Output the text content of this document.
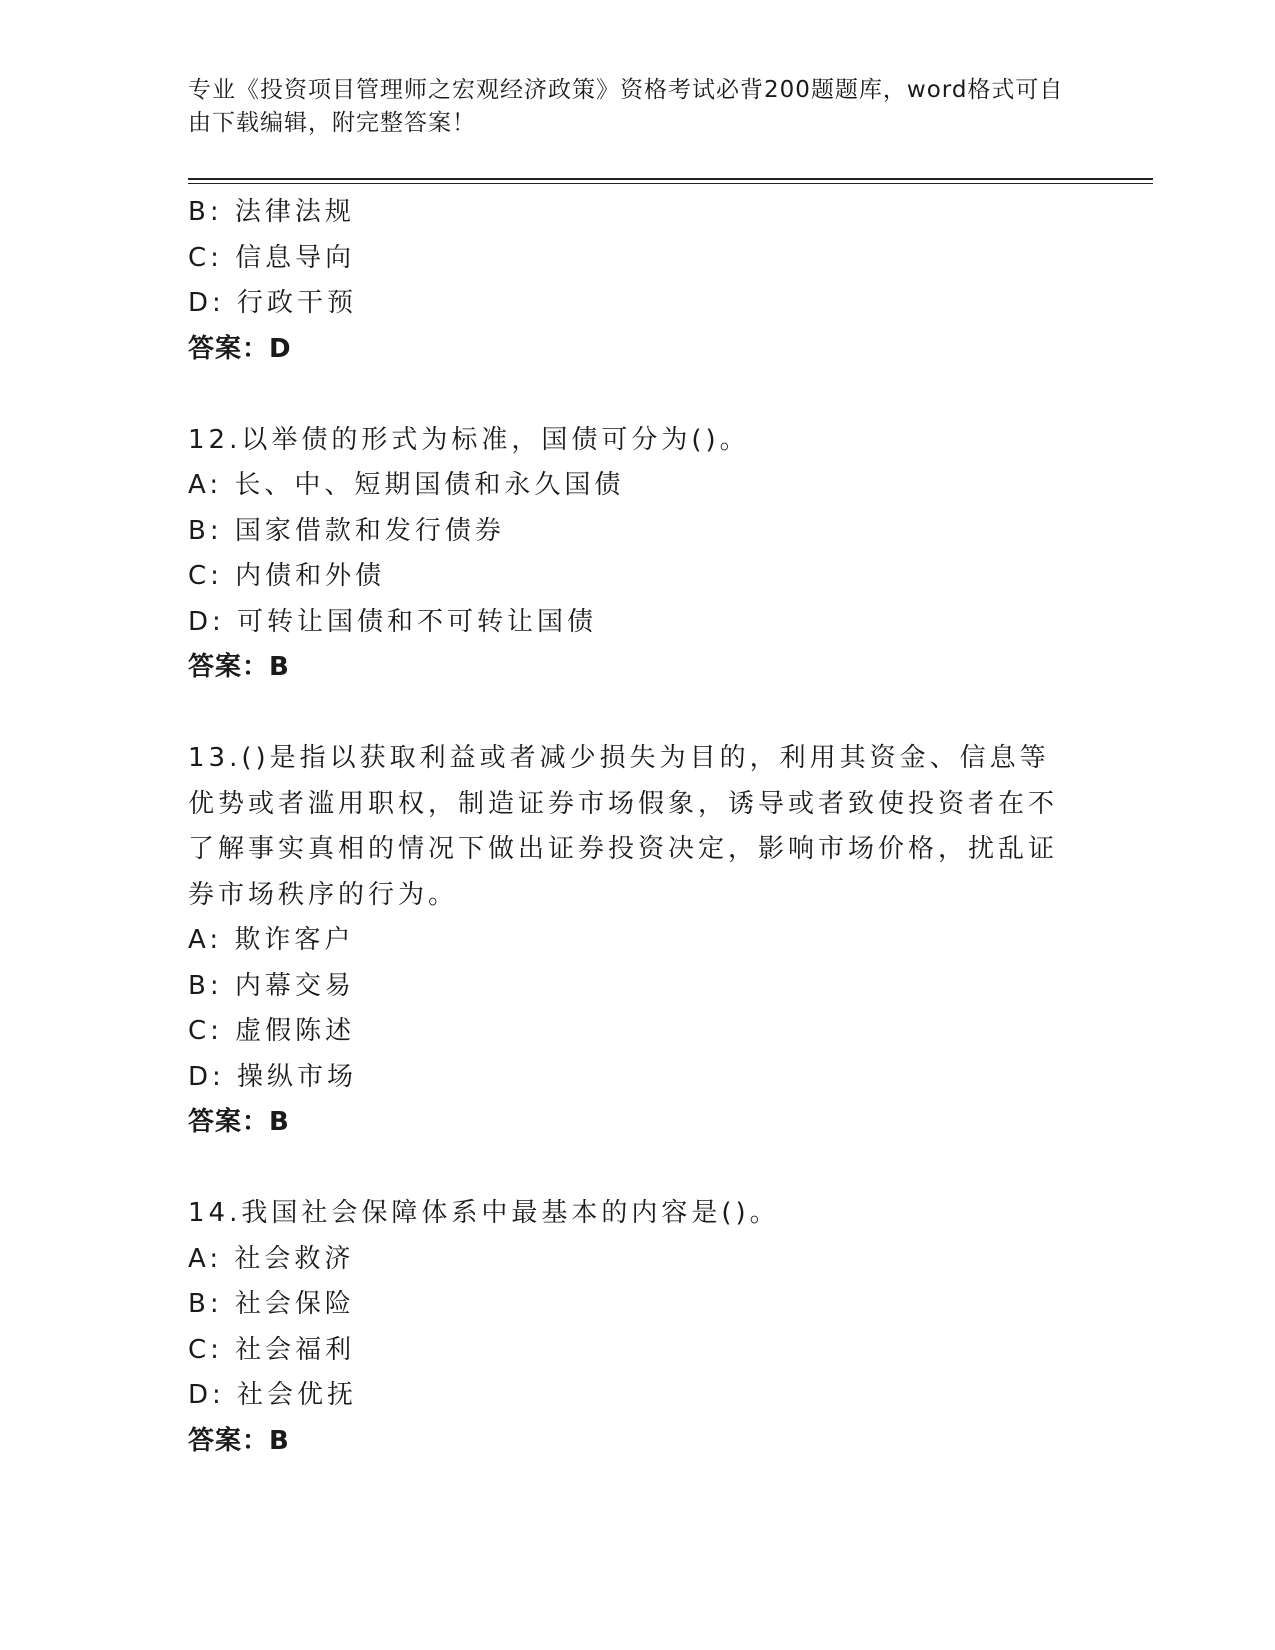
专业《投资项目管理师之宏观经济政策》资格考试必背200题题库，word格式可自由下载编辑，附完整答案！
B: 法律法规
C: 信息导向
D: 行政干预
答案：D
12.以举债的形式为标准，国债可分为()。
A: 长、中、短期国债和永久国债
B: 国家借款和发行债券
C: 内债和外债
D: 可转让国债和不可转让国债
答案：B
13.()是指以获取利益或者减少损失为目的，利用其资金、信息等优势或者滥用职权，制造证券市场假象，诱导或者致使投资者在不了解事实真相的情况下做出证券投资决定，影响市场价格，扰乱证券市场秩序的行为。
A: 欺诈客户
B: 内幕交易
C: 虚假陈述
D: 操纵市场
答案：B
14.我国社会保障体系中最基本的内容是()。
A: 社会救济
B: 社会保险
C: 社会福利
D: 社会优抚
答案：B
